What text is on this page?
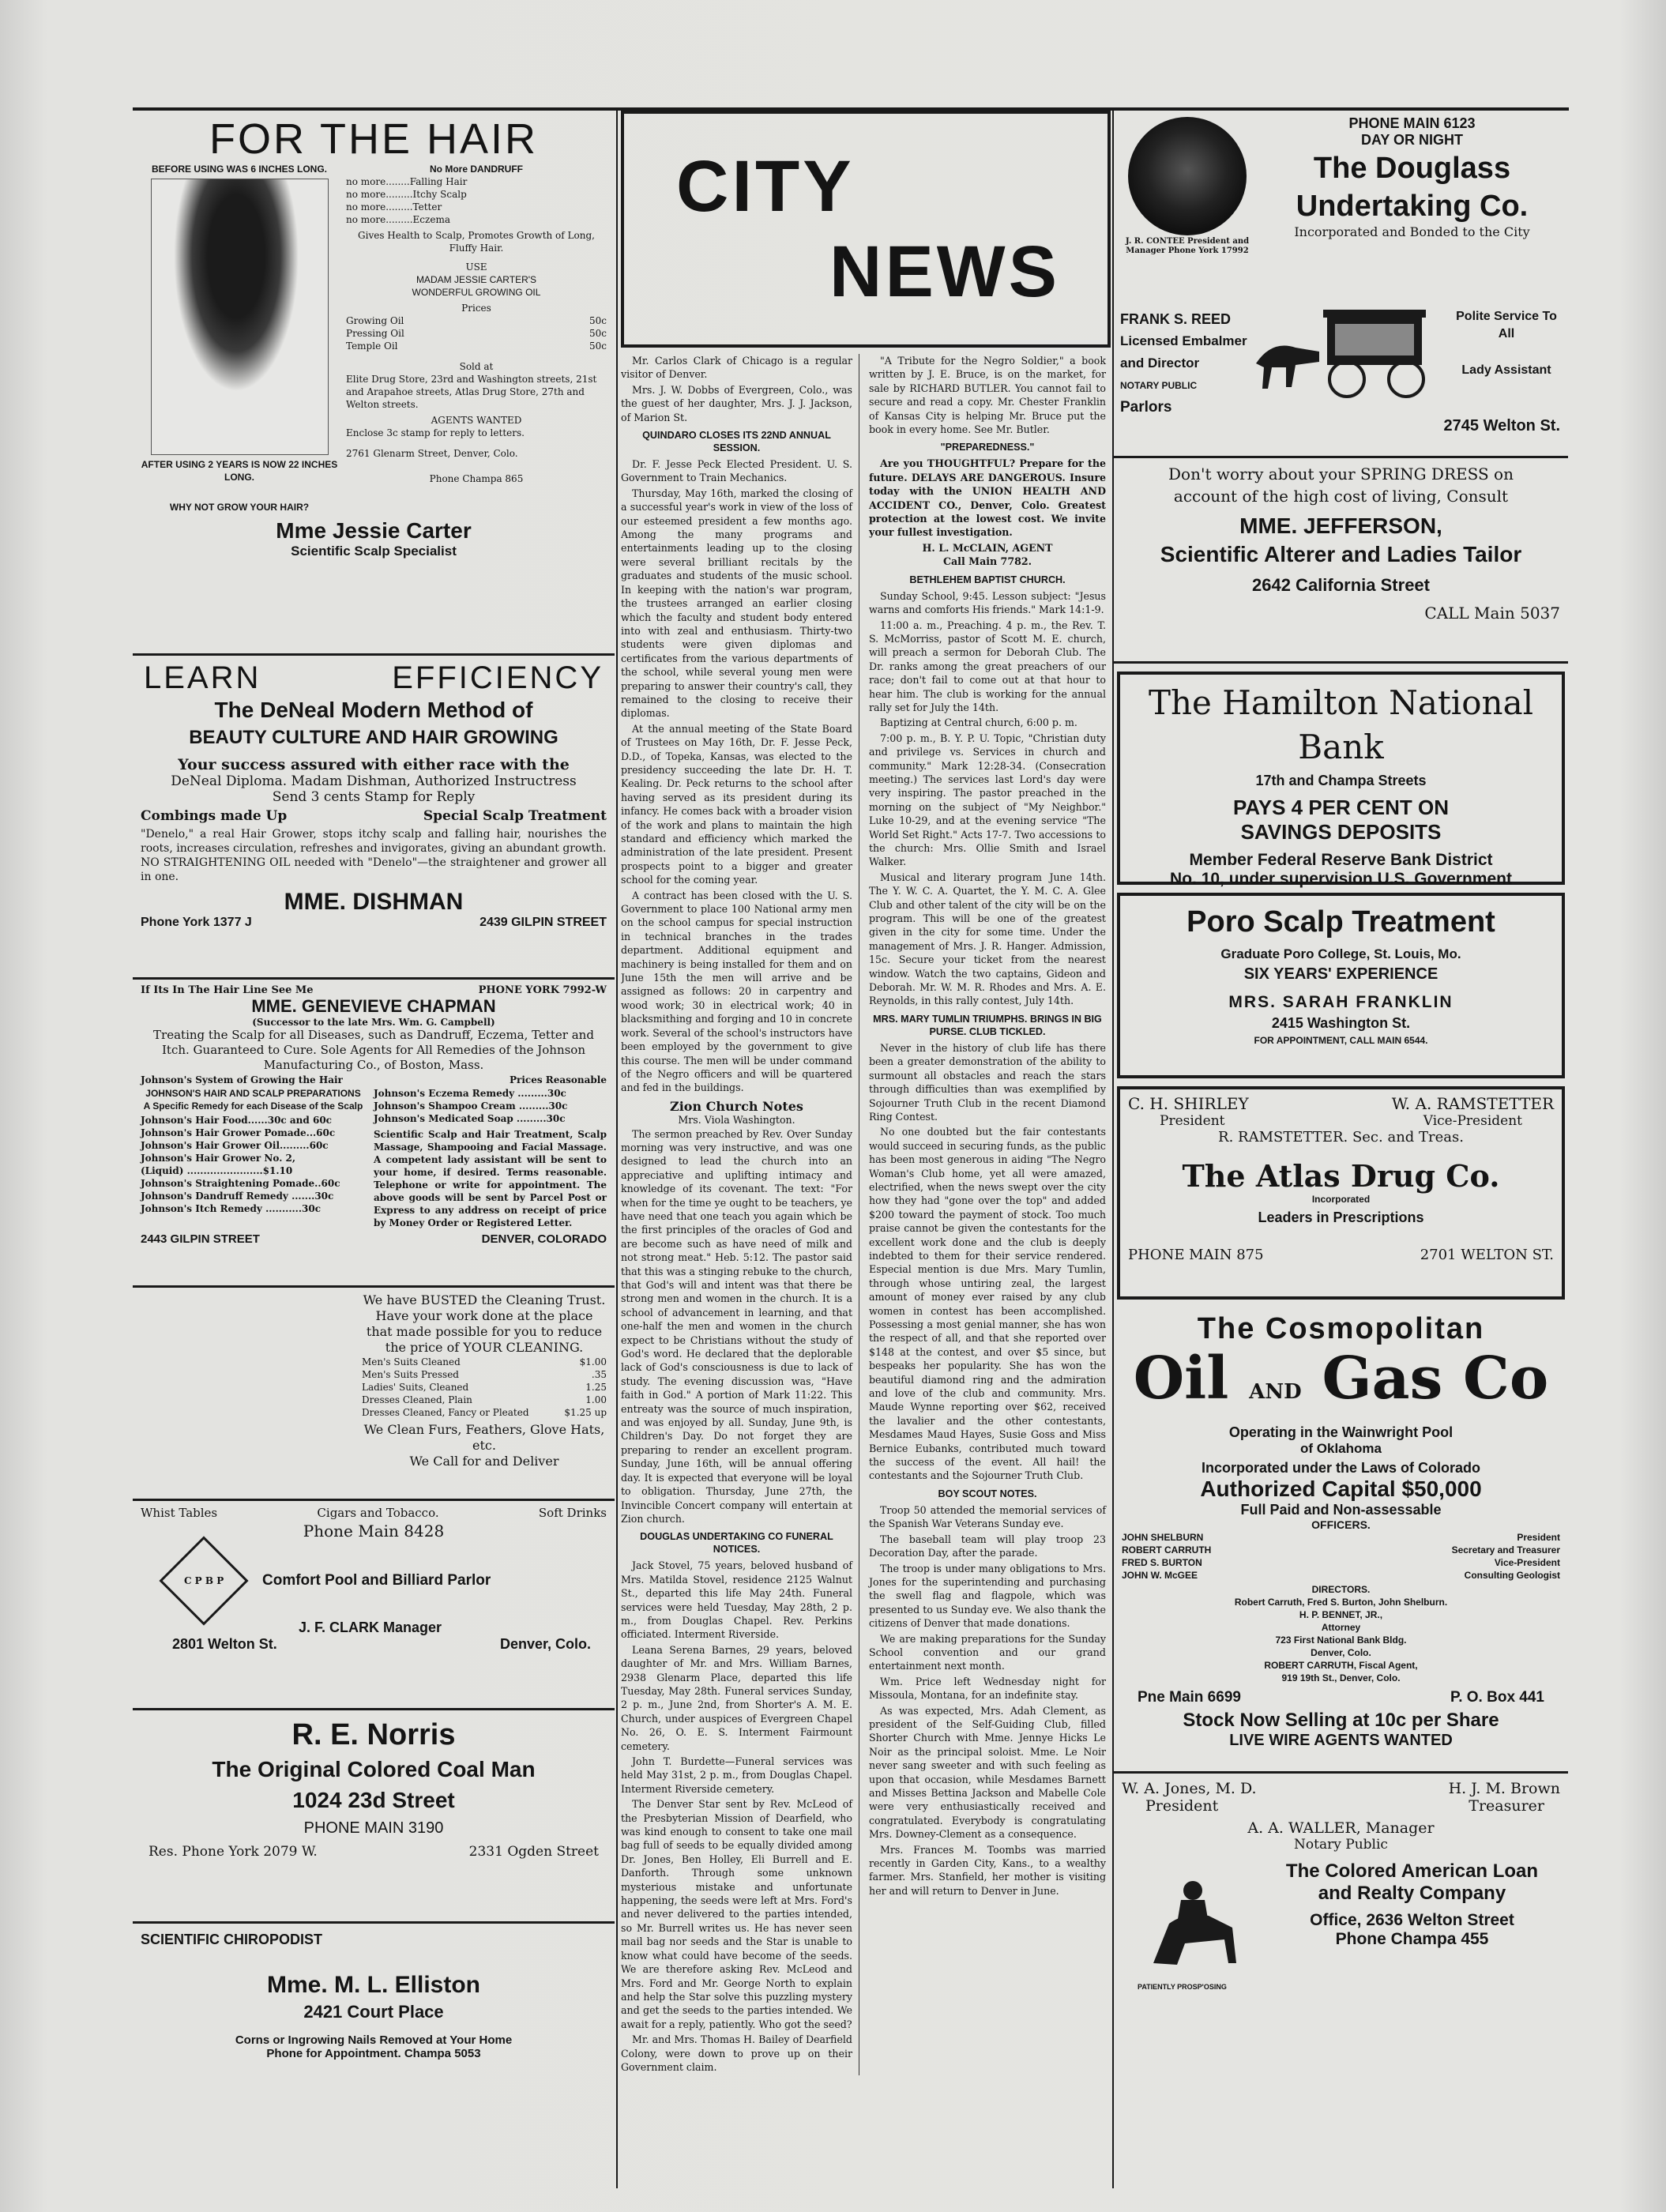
FOR THE HAIR
BEFORE USING WAS 6 INCHES LONG.
AFTER USING 2 YEARS IS NOW 22 INCHES LONG.
WHY NOT GROW YOUR HAIR?
No More DANDRUFF
no more........Falling Hair
no more.........Itchy Scalp
no more.........Tetter
no more.........Eczema
Gives Health to Scalp, Promotes Growth of Long, Fluffy Hair.
USE
MADAM JESSIE CARTER'S
WONDERFUL GROWING OIL
Prices
Growing Oil	50c
Pressing Oil	50c
Temple Oil	50c
Sold at
Elite Drug Store, 23rd and Washington streets, 21st and Arapahoe streets, Atlas Drug Store, 27th and Welton streets.
AGENTS WANTED
Enclose 3c stamp for reply to letters.
2761 Glenarm Street, Denver, Colo.
Phone Champa 865
Mme Jessie Carter
Scientific Scalp Specialist
LEARN	EFFICIENCY
The DeNeal Modern Method of
BEAUTY CULTURE AND HAIR GROWING
Your success assured with either race with the
DeNeal Diploma. Madam Dishman, Authorized Instructress
Send 3 cents Stamp for Reply
Combings made Up	Special Scalp Treatment
"Denelo," a real Hair Grower, stops itchy scalp and falling hair, nourishes the roots, increases circulation, refreshes and invigorates, giving an abundant growth.
NO STRAIGHTENING OIL needed with "Denelo"—the straightener and grower all in one.
MME. DISHMAN
Phone York 1377 J	2439 GILPIN STREET
If Its In The Hair Line See Me	PHONE YORK 7992-W
MME. GENEVIEVE CHAPMAN
(Successor to the late Mrs. Wm. G. Campbell)
Treating the Scalp for all Diseases, such as Dandruff, Eczema, Tetter and Itch. Guaranteed to Cure. Sole Agents for All Remedies of the Johnson Manufacturing Co., of Boston, Mass.
Johnson's System of Growing the Hair	Prices Reasonable
JOHNSON'S HAIR AND SCALP PREPARATIONS
A Specific Remedy for each Disease of the Scalp
Johnson's Hair Food......30c and 60c
Johnson's Hair Grower Pomade...60c
Johnson's Hair Grower Oil.........60c
Johnson's Hair Grower No. 2,
(Liquid) .......................$1.10
Johnson's Straightening Pomade..60c
Johnson's Dandruff Remedy .......30c
Johnson's Itch Remedy ...........30c
Johnson's Eczema Remedy .........30c
Johnson's Shampoo Cream .........30c
Johnson's Medicated Soap .........30c
Scientific Scalp and Hair Treatment, Scalp Massage, Shampooing and Facial Massage. A competent lady assistant will be sent to your home, if desired. Terms reasonable. Telephone or write for appointment. The above goods will be sent by Parcel Post or Express to any address on receipt of price by Money Order or Registered Letter.
2443 GILPIN STREET	DENVER, COLORADO
We have BUSTED the Cleaning Trust. Have your work done at the place that made possible for you to reduce the price of YOUR CLEANING.
Men's Suits Cleaned	$1.00
Men's Suits Pressed	.35
Ladies' Suits, Cleaned	1.25
Dresses Cleaned, Plain	1.00
Dresses Cleaned, Fancy or Pleated	$1.25 up
We Clean Furs, Feathers, Glove Hats, etc.
We Call for and Deliver
Whist Tables	Cigars and Tobacco.	Soft Drinks
Phone Main 8428
C P B P	Comfort Pool and Billiard Parlor
J. F. CLARK Manager
2801 Welton St.	Denver, Colo.
R. E. Norris
The Original Colored Coal Man
1024 23d Street
PHONE MAIN 3190
Res. Phone York 2079 W.	2331 Ogden Street
SCIENTIFIC CHIROPODIST
Mme. M. L. Elliston
2421 Court Place
Corns or Ingrowing Nails Removed at Your Home
Phone for Appointment. Champa 5053
CITY
NEWS

Mr. Carlos Clark of Chicago is a regular visitor of Denver.

Mrs. J. W. Dobbs of Evergreen, Colo., was the guest of her daughter, Mrs. J. J. Jackson, of Marion St.

QUINDARO CLOSES ITS 22ND ANNUAL SESSION.

Dr. F. Jesse Peck Elected President. U. S. Government to Train Mechanics.

Thursday, May 16th, marked the closing of a successful year's work in view of the loss of our esteemed president a few months ago. Among the many programs and entertainments leading up to the closing were several brilliant recitals by the graduates and students of the music school. In keeping with the nation's war program, the trustees arranged an earlier closing which the faculty and student body entered into with zeal and enthusiasm. Thirty-two students were given diplomas and certificates from the various departments of the school, while several young men were preparing to answer their country's call, they remained to the closing to receive their diplomas.

At the annual meeting of the State Board of Trustees on May 16th, Dr. F. Jesse Peck, D.D., of Topeka, Kansas, was elected to the presidency succeeding the late Dr. H. T. Kealing. Dr. Peck returns to the school after having served as its president during its infancy. He comes back with a broader vision of the work and plans to maintain the high standard and efficiency which marked the administration of the late president. Present prospects point to a bigger and greater school for the coming year.

A contract has been closed with the U. S. Government to place 100 National army men on the school campus for special instruction in technical branches in the trades department. Additional equipment and machinery is being installed for them and on June 15th the men will arrive and be assigned as follows: 20 in carpentry and wood work; 30 in electrical work; 40 in blacksmithing and forging and 10 in concrete work. Several of the school's instructors have been employed by the government to give this course. The men will be under command of the Negro officers and will be quartered and fed in the buildings.

Zion Church Notes
Mrs. Viola Washington.

The sermon preached by Rev. Over Sunday morning was very instructive, and was one designed to lead the church into an appreciative and uplifting intimacy and knowledge of its covenant. The text: "For when for the time ye ought to be teachers, ye have need that one teach you again which be the first principles of the oracles of God and are become such as have need of milk and not strong meat." Heb. 5:12. The pastor said that this was a stinging rebuke to the church, that God's will and intent was that there be strong men and women in the church. It is a school of advancement in learning, and that one-half the men and women in the church expect to be Christians without the study of God's word. He declared that the deplorable lack of God's consciousness is due to lack of study. The evening discussion was, "Have faith in God." A portion of Mark 11:22. This entreaty was the source of much inspiration, and was enjoyed by all. Sunday, June 9th, is Children's Day. Do not forget they are preparing to render an excellent program. Sunday, June 16th, will be annual offering day. It is expected that everyone will be loyal to obligation. Thursday, June 27th, the Invincible Concert company will entertain at Zion church.

DOUGLAS UNDERTAKING CO FUNERAL NOTICES.

Jack Stovel, 75 years, beloved husband of Mrs. Matilda Stovel, residence 2125 Walnut St., departed this life May 24th. Funeral services were held Tuesday, May 28th, 2 p. m., from Douglas Chapel. Rev. Perkins officiated. Interment Riverside.

Leana Serena Barnes, 29 years, beloved daughter of Mr. and Mrs. William Barnes, 2938 Glenarm Place, departed this life Tuesday, May 28th. Funeral services Sunday, 2 p. m., June 2nd, from Shorter's A. M. E. Church, under auspices of Evergreen Chapel No. 26, O. E. S. Interment Fairmount cemetery.

John T. Burdette—Funeral services was held May 31st, 2 p. m., from Douglas Chapel. Interment Riverside cemetery.

The Denver Star sent by Rev. McLeod of the Presbyterian Mission of Dearfield, who was kind enough to consent to take one mail bag full of seeds to be equally divided among Dr. Jones, Ben Holley, Eli Burrell and E. Danforth. Through some unknown mysterious mistake and unfortunate happening, the seeds were left at Mrs. Ford's and never delivered to the parties intended, so Mr. Burrell writes us. He has never seen mail bag nor seeds and the Star is unable to know what could have become of the seeds. We are therefore asking Rev. McLeod and Mrs. Ford and Mr. George North to explain and help the Star solve this puzzling mystery and get the seeds to the parties intended. We await for a reply, patiently. Who got the seed?

Mr. and Mrs. Thomas H. Bailey of Dearfield Colony, were down to prove up on their Government claim.

"A Tribute for the Negro Soldier," a book written by J. E. Bruce, is on the market, for sale by RICHARD BUTLER. You cannot fail to secure and read a copy. Mr. Chester Franklin of Kansas City is helping Mr. Bruce put the book in every home. See Mr. Butler.

"PREPAREDNESS."

Are you THOUGHTFUL? Prepare for the future. DELAYS ARE DANGEROUS. Insure today with the UNION HEALTH AND ACCIDENT CO., Denver, Colo. Greatest protection at the lowest cost. We invite your fullest investigation.

H. L. McCLAIN, AGENT
Call Main 7782.
BETHLEHEM BAPTIST CHURCH.

Sunday School, 9:45. Lesson subject: "Jesus warns and comforts His friends." Mark 14:1-9.

11:00 a. m., Preaching. 4 p. m., the Rev. T. S. McMorriss, pastor of Scott M. E. church, will preach a sermon for Deborah Club. The Dr. ranks among the great preachers of our race; don't fail to come out at that hour to hear him. The club is working for the annual rally set for July the 14th.

Baptizing at Central church, 6:00 p. m.

7:00 p. m., B. Y. P. U. Topic, "Christian duty and privilege vs. Services in church and community." Mark 12:28-34. (Consecration meeting.) The services last Lord's day were very inspiring. The pastor preached in the morning on the subject of "My Neighbor." Luke 10-29, and at the evening service "The World Set Right." Acts 17-7. Two accessions to the church: Mrs. Ollie Smith and Israel Walker.

Musical and literary program June 14th. The Y. W. C. A. Quartet, the Y. M. C. A. Glee Club and other talent of the city will be on the program. This will be one of the greatest given in the city for some time. Under the management of Mrs. J. R. Hanger. Admission, 15c. Secure your ticket from the nearest window. Watch the two captains, Gideon and Deborah. Mr. W. M. R. Rhodes and Mrs. A. E. Reynolds, in this rally contest, July 14th.

MRS. MARY TUMLIN TRIUMPHS. BRINGS IN BIG PURSE. CLUB TICKLED.

Never in the history of club life has there been a greater demonstration of the ability to surmount all obstacles and reach the stars through difficulties than was exemplified by Sojourner Truth Club in the recent Diamond Ring Contest.

No one doubted but the fair contestants would succeed in securing funds, as the public has been most generous in aiding "The Negro Woman's Club home, yet all were amazed, electrified, when the news swept over the city how they had "gone over the top" and added $200 toward the payment of stock. Too much praise cannot be given the contestants for the excellent work done and the club is deeply indebted to them for their service rendered. Especial mention is due Mrs. Mary Tumlin, through whose untiring zeal, the largest amount of money ever raised by any club women in contest has been accomplished. Possessing a most genial manner, she has won the respect of all, and that she reported over $148 at the contest, and over $5 since, but bespeaks her popularity. She has won the beautiful diamond ring and the admiration and love of the club and community. Mrs. Maude Wynne reporting over $62, received the lavalier and the other contestants, Mesdames Maud Hayes, Susie Goss and Miss Bernice Eubanks, contributed much toward the success of the event. All hail! the contestants and the Sojourner Truth Club.

BOY SCOUT NOTES.

Troop 50 attended the memorial services of the Spanish War Veterans Sunday eve.

The baseball team will play troop 23 Decoration Day, after the parade.

The troop is under many obligations to Mrs. Jones for the superintending and purchasing the swell flag and flagpole, which was presented to us Sunday eve. We also thank the citizens of Denver that made donations.

We are making preparations for the Sunday School convention and our grand entertainment next month.

Wm. Price left Wednesday night for Missoula, Montana, for an indefinite stay.

As was expected, Mrs. Adah Clement, as president of the Self-Guiding Club, filled Shorter Church with Mme. Jennye Hicks Le Noir as the principal soloist. Mme. Le Noir never sang sweeter and with such feeling as upon that occasion, while Mesdames Barnett and Misses Bettina Jackson and Mabelle Cole were very enthusiastically received and congratulated. Everybody is congratulating Mrs. Downey-Clement as a consequence.

Mrs. Frances M. Toombs was married recently in Garden City, Kans., to a wealthy farmer. Mrs. Stanfield, her mother is visiting her and will return to Denver in June.

J. R. CONTEE President and Manager Phone York 17992
PHONE MAIN 6123
DAY OR NIGHT
The Douglass
Undertaking Co.
Incorporated and Bonded to the City
FRANK S. REED
Licensed Embalmer
and Director
NOTARY PUBLIC
Parlors
Polite Service To All
Lady Assistant
2745 Welton St.
Don't worry about your SPRING DRESS on account of the high cost of living, Consult
MME. JEFFERSON,
Scientific Alterer and Ladies Tailor
2642 California Street
CALL Main 5037
The Hamilton National Bank
17th and Champa Streets
PAYS 4 PER CENT ON
SAVINGS DEPOSITS
Member Federal Reserve Bank District
No. 10, under supervision U.S. Government
Poro Scalp Treatment
Graduate Poro College, St. Louis, Mo.
SIX YEARS' EXPERIENCE
MRS. SARAH FRANKLIN
2415 Washington St.
FOR APPOINTMENT, CALL MAIN 6544.
C. H. SHIRLEY	W. A. RAMSTETTER
President	Vice-President
R. RAMSTETTER. Sec. and Treas.
The Atlas Drug Co.
Incorporated
Leaders in Prescriptions
PHONE MAIN 875	2701 WELTON ST.
The Cosmopolitan
Oil AND Gas Co
Operating in the Wainwright Pool
of Oklahoma
Incorporated under the Laws of Colorado
Authorized Capital $50,000
Full Paid and Non-assessable
OFFICERS.
JOHN SHELBURN	President
ROBERT CARRUTH	Secretary and Treasurer
FRED S. BURTON	Vice-President
JOHN W. McGEE	Consulting Geologist
DIRECTORS.
Robert Carruth, Fred S. Burton, John Shelburn.
H. P. BENNET, JR.,
Attorney
723 First National Bank Bldg.
Denver, Colo.
ROBERT CARRUTH, Fiscal Agent,
919 19th St., Denver, Colo.
Pne Main 6699	P. O. Box 441
Stock Now Selling at 10c per Share
LIVE WIRE AGENTS WANTED
W. A. Jones, M. D.	H. J. M. Brown
President	Treasurer
A. A. WALLER, Manager
Notary Public
PATIENTLY PROSP'OSING
The Colored American Loan
and Realty Company
Office, 2636 Welton Street
Phone Champa 455
